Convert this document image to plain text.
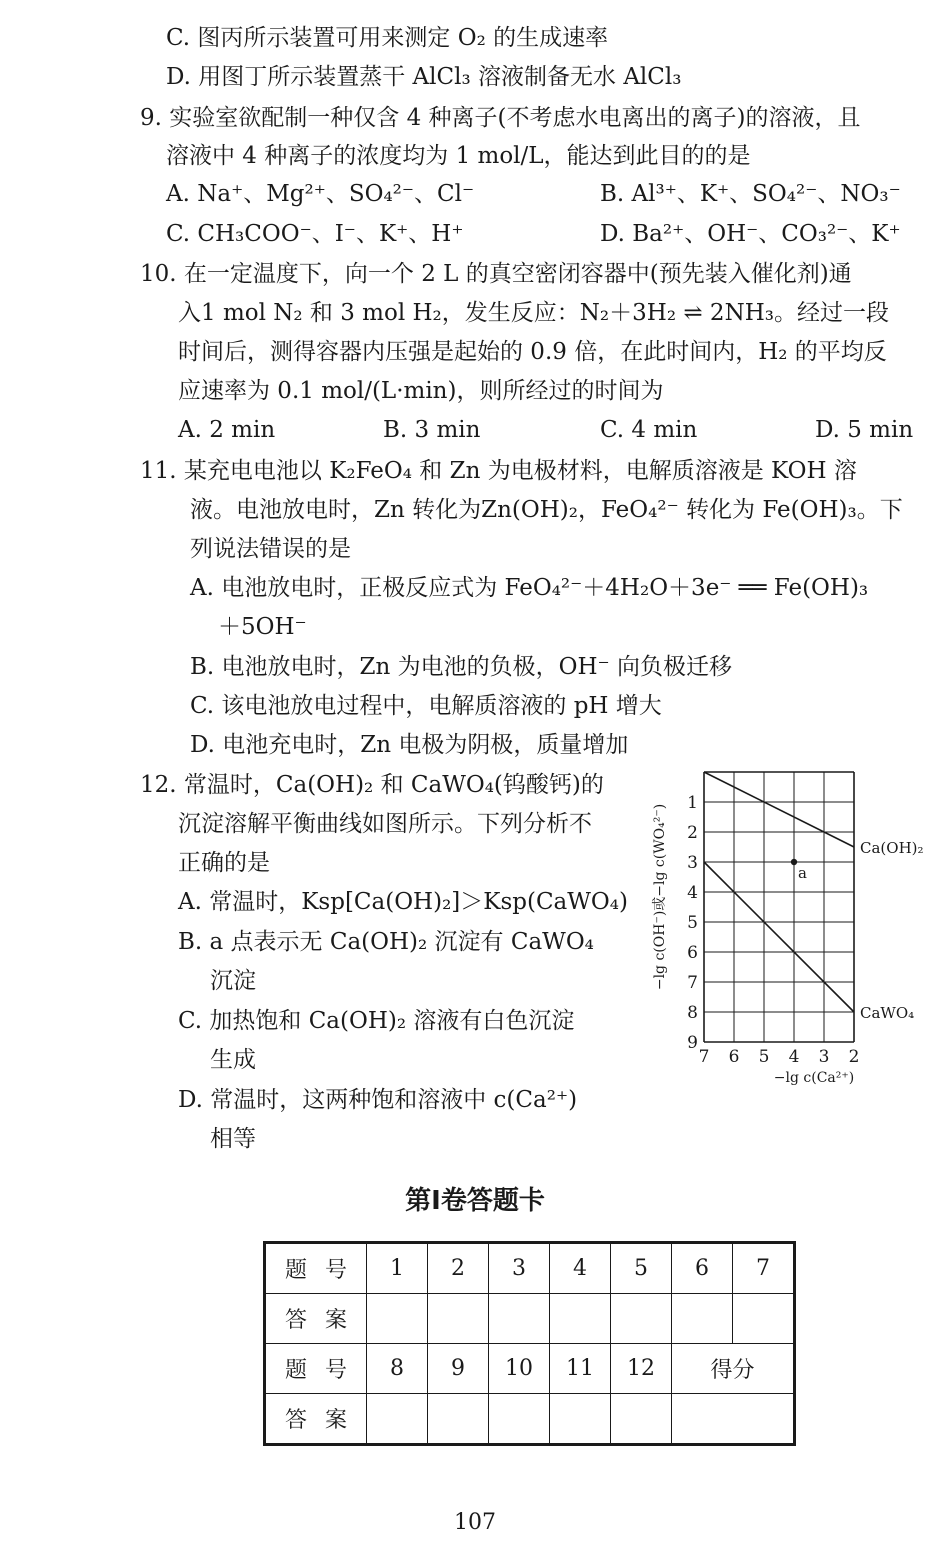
C. 图丙所示装置可用来测定 O₂ 的生成速率
D. 用图丁所示装置蒸干 AlCl₃ 溶液制备无水 AlCl₃
9. 实验室欲配制一种仅含 4 种离子(不考虑水电离出的离子)的溶液，且
溶液中 4 种离子的浓度均为 1 mol/L，能达到此目的的是
A. Na⁺、Mg²⁺、SO₄²⁻、Cl⁻	B. Al³⁺、K⁺、SO₄²⁻、NO₃⁻
C. CH₃COO⁻、I⁻、K⁺、H⁺	D. Ba²⁺、OH⁻、CO₃²⁻、K⁺
10. 在一定温度下，向一个 2 L 的真空密闭容器中(预先装入催化剂)通
入1 mol N₂ 和 3 mol H₂，发生反应：N₂＋3H₂ ⇌ 2NH₃。经过一段
时间后，测得容器内压强是起始的 0.9 倍，在此时间内，H₂ 的平均反
应速率为 0.1 mol/(L·min)，则所经过的时间为
A. 2 min	B. 3 min	C. 4 min	D. 5 min
11. 某充电电池以 K₂FeO₄ 和 Zn 为电极材料，电解质溶液是 KOH 溶
液。电池放电时，Zn 转化为Zn(OH)₂，FeO₄²⁻ 转化为 Fe(OH)₃。下
列说法错误的是
A. 电池放电时，正极反应式为 FeO₄²⁻＋4H₂O＋3e⁻ ══ Fe(OH)₃
＋5OH⁻
B. 电池放电时，Zn 为电池的负极，OH⁻ 向负极迁移
C. 该电池放电过程中，电解质溶液的 pH 增大
D. 电池充电时，Zn 电极为阴极，质量增加
12. 常温时，Ca(OH)₂ 和 CaWO₄(钨酸钙)的
沉淀溶解平衡曲线如图所示。下列分析不
正确的是
A. 常温时，Ksp[Ca(OH)₂]＞Ksp(CaWO₄)
B. a 点表示无 Ca(OH)₂ 沉淀有 CaWO₄
沉淀
C. 加热饱和 Ca(OH)₂ 溶液有白色沉淀
生成
D. 常温时，这两种饱和溶液中 c(Ca²⁺)
相等
1
2
3
4
5
6
7
8
9
7 6 5 4 3 2
−lg c(Ca²⁺)
−lg c(OH⁻)或−lg c(WO₄²⁻)	Ca(OH)₂
CaWO₄
a
第Ⅰ卷答题卡
题号	1	2	3	4	5	6	7
答案							
题号	8	9	10	11	12	得分	
答案							
107
